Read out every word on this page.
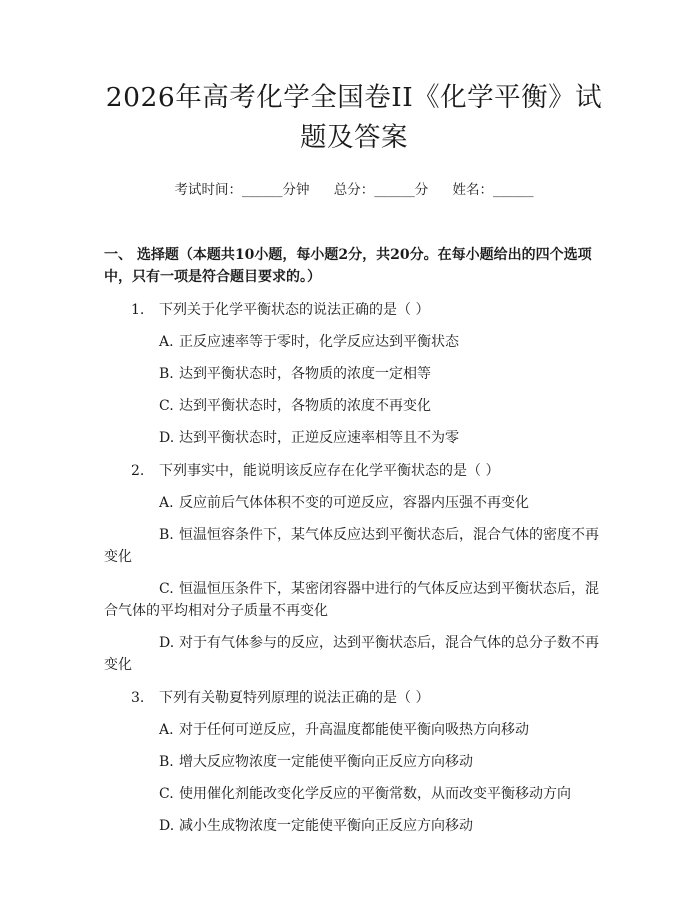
2026年高考化学全国卷II《化学平衡》试题及答案
考试时间：______分钟 总分：______分 姓名：______
一、 选择题（本题共10小题，每小题2分，共20分。在每小题给出的四个选项中，只有一项是符合题目要求的。）
1. 下列关于化学平衡状态的说法正确的是（ ）
A. 正反应速率等于零时，化学反应达到平衡状态
B. 达到平衡状态时，各物质的浓度一定相等
C. 达到平衡状态时，各物质的浓度不再变化
D. 达到平衡状态时，正逆反应速率相等且不为零
2. 下列事实中，能说明该反应存在化学平衡状态的是（ ）
A. 反应前后气体体积不变的可逆反应，容器内压强不再变化
B. 恒温恒容条件下，某气体反应达到平衡状态后，混合气体的密度不再变化
C. 恒温恒压条件下，某密闭容器中进行的气体反应达到平衡状态后，混合气体的平均相对分子质量不再变化
D. 对于有气体参与的反应，达到平衡状态后，混合气体的总分子数不再变化
3. 下列有关勒夏特列原理的说法正确的是（ ）
A. 对于任何可逆反应，升高温度都能使平衡向吸热方向移动
B. 增大反应物浓度一定能使平衡向正反应方向移动
C. 使用催化剂能改变化学反应的平衡常数，从而改变平衡移动方向
D. 减小生成物浓度一定能使平衡向正反应方向移动
